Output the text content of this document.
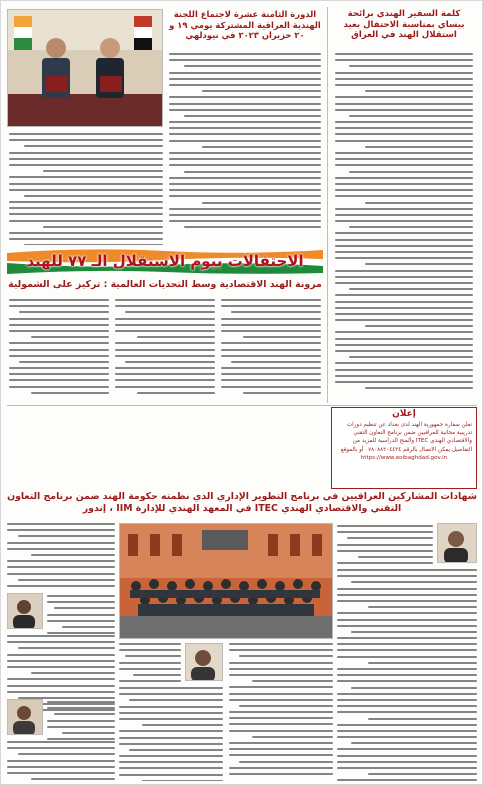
كلمة السفير الهندي برائحة بيساي بمناسبة الاحتفال بعيد استقلال الهند في العراق
الدورة الثامنة عشرة لاجتماع اللجنة الهندية العراقية المشتركة يومي ١٩ و ٢٠ حزيران ٢٠٢٣ في نيودلهي
الاحتفالات بيوم الاستقلال الـ ٧٧ للهند
مرونة الهند الاقتصادية وسط التحديات العالمية : تركيز على الشمولية
إعلان
تعلن سفارة جمهورية الهند لدى بغداد عن تنظيم دورات تدريبية مجانية للعراقيين ضمن برنامج التعاون التقني والاقتصادي الهندي ITEC والمنح الدراسية للمزيد من التفاصيل يمكن الاتصال بالرقم ٠٧٨٠٨٨٣٠٤٤٣٤ أو بالموقع
https://www.eoibaghdad.gov.in
شهادات المشاركين العراقيين في برنامج التطوير الإداري الذي نظمته حكومة الهند ضمن برنامج التعاون التقني والاقتصادي الهندي ITEC في المعهد الهندي للإدارة IIM ، إندور
